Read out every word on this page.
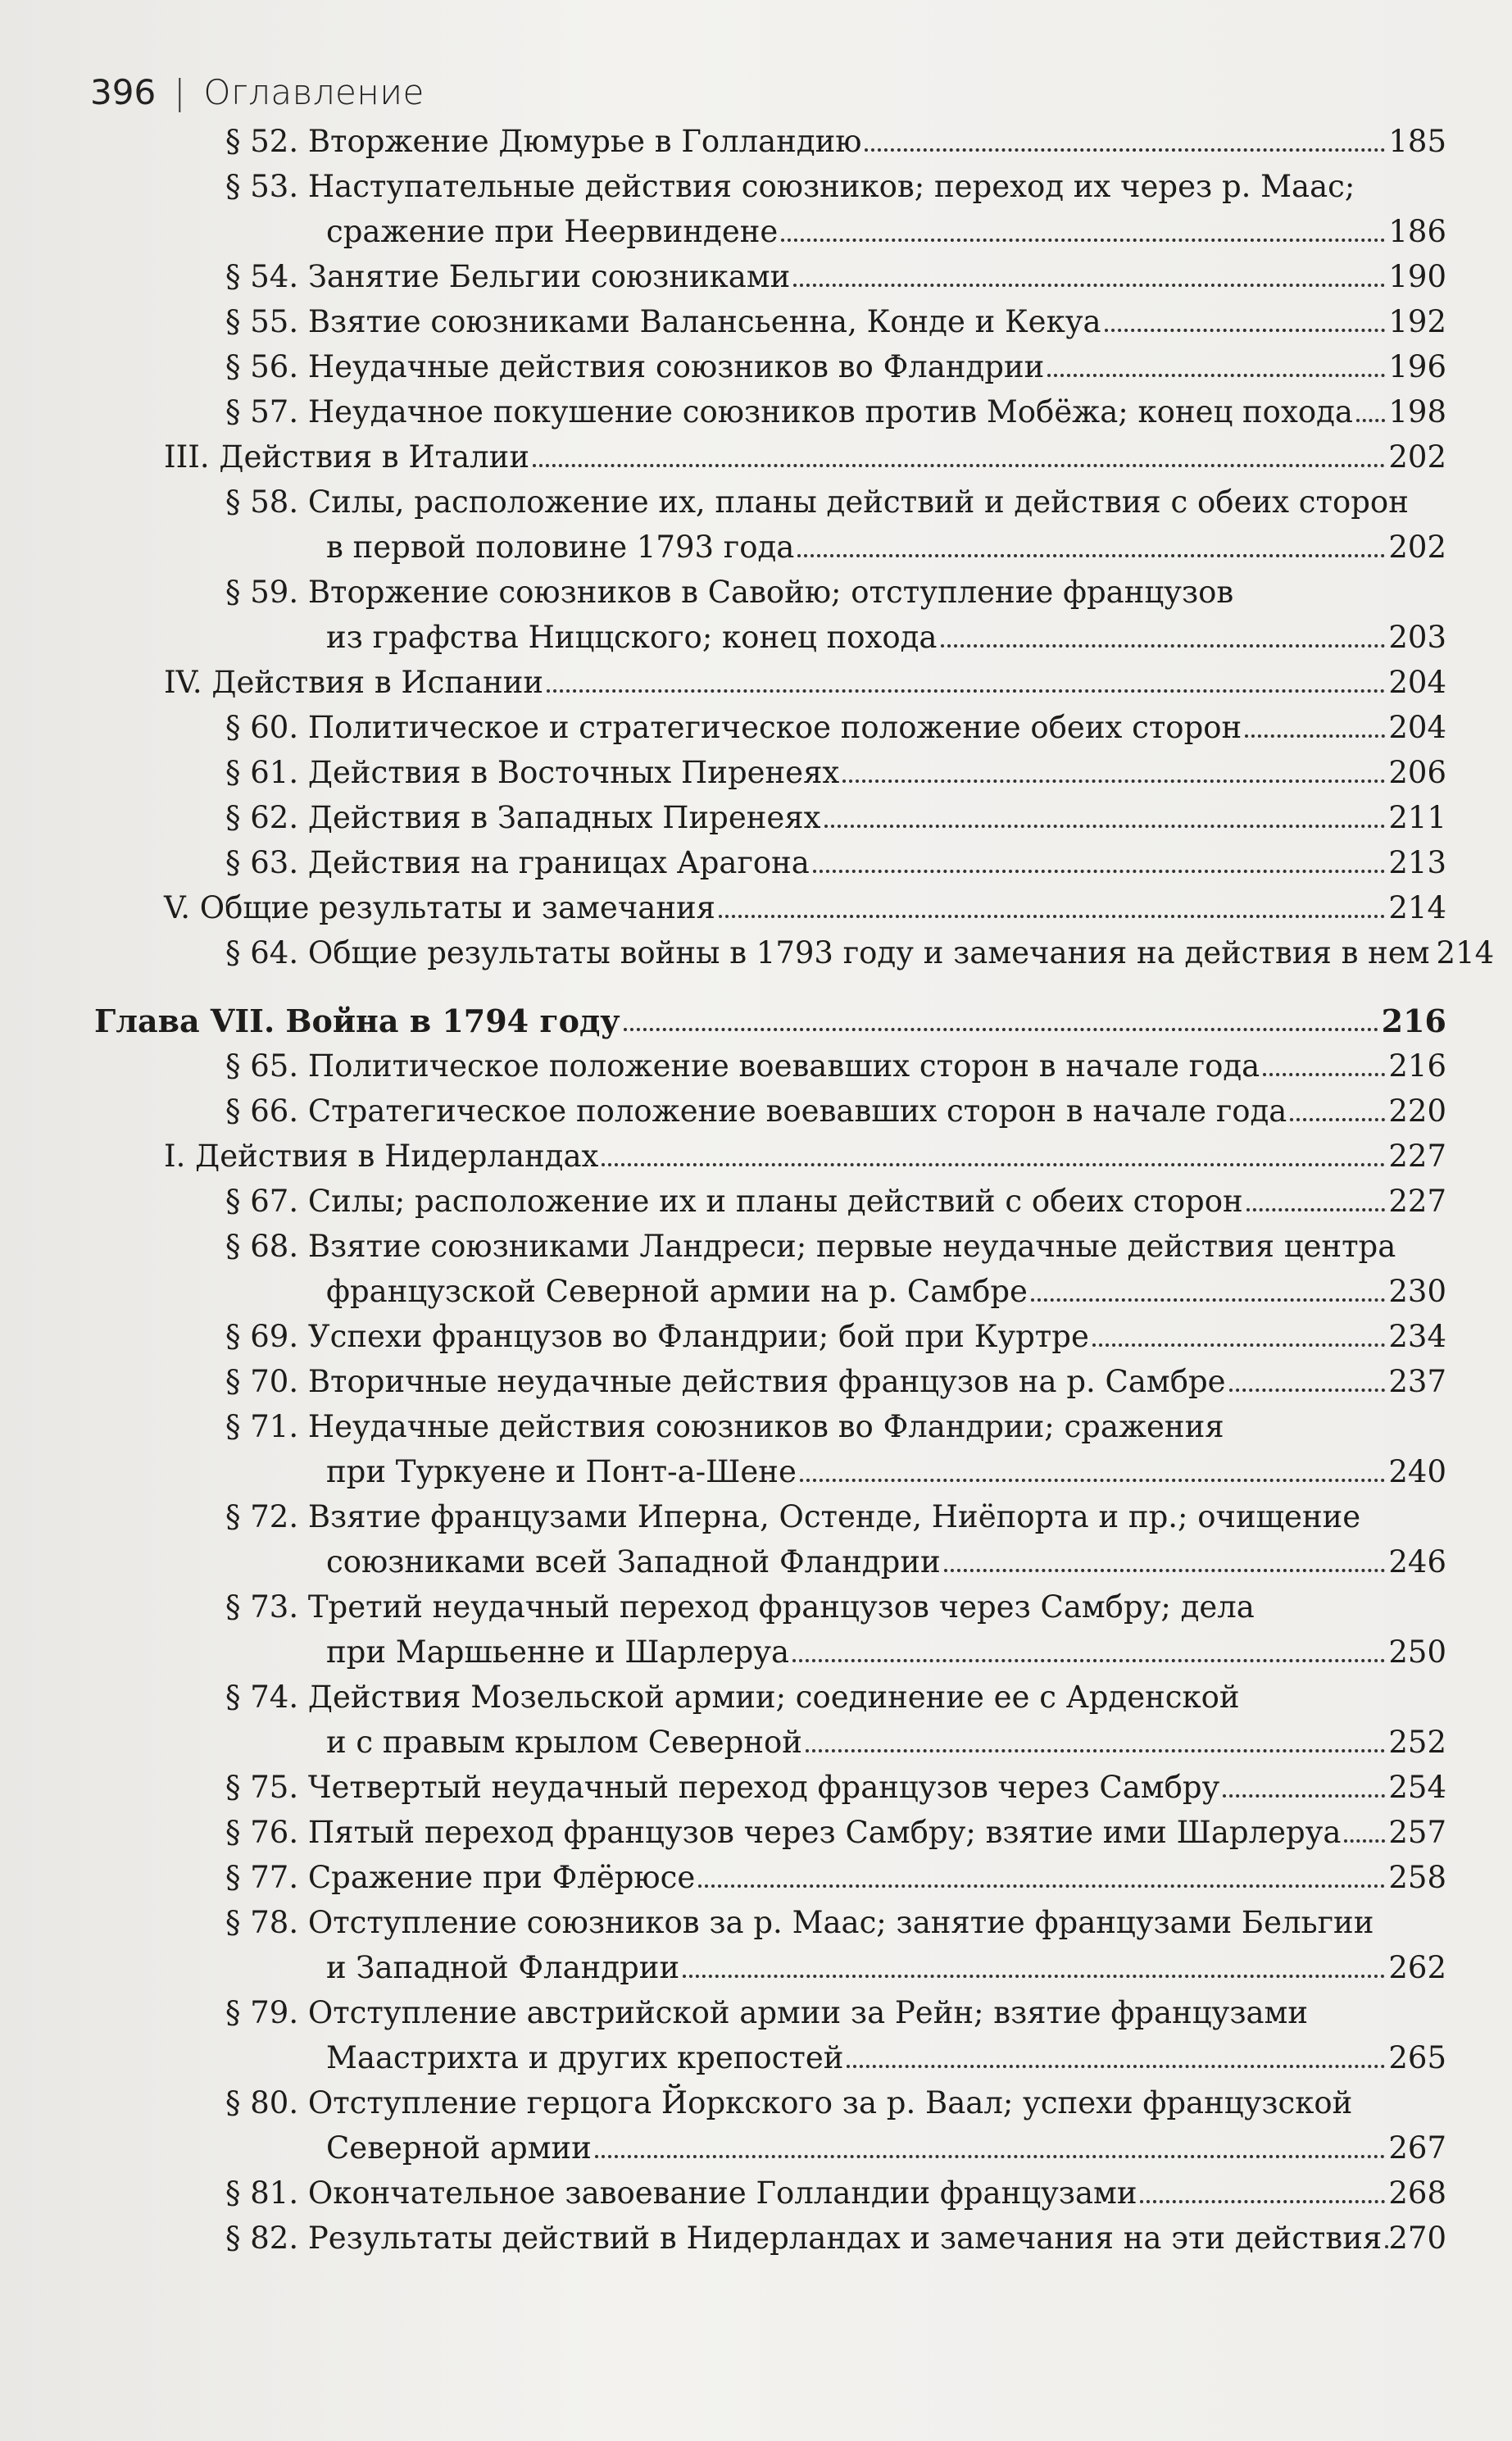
396 | Оглавление
§ 52. Вторжение Дюмурье в Голландию	185
§ 53. Наступательные действия союзников; переход их через р. Маас;
сражение при Неервиндене	186
§ 54. Занятие Бельгии союзниками	190
§ 55. Взятие союзниками Валансьенна, Конде и Кекуа	192
§ 56. Неудачные действия союзников во Фландрии	196
§ 57. Неудачное покушение союзников против Мобёжа; конец похода 198
III. Действия в Италии	202
§ 58. Силы, расположение их, планы действий и действия с обеих сторон
в первой половине 1793 года	202
§ 59. Вторжение союзников в Савойю; отступление французов
из графства Ниццского; конец похода	203
IV. Действия в Испании	204
§ 60. Политическое и стратегическое положение обеих сторон	204
§ 61. Действия в Восточных Пиренеях	206
§ 62. Действия в Западных Пиренеях	211
§ 63. Действия на границах Арагона	213
V. Общие результаты и замечания	214
§ 64. Общие результаты войны в 1793 году и замечания на действия в нем 214
Глава VII. Война в 1794 году	216
§ 65. Политическое положение воевавших сторон в начале года	216
§ 66. Стратегическое положение воевавших сторон в начале года	220
I. Действия в Нидерландах	227
§ 67. Силы; расположение их и планы действий с обеих сторон	227
§ 68. Взятие союзниками Ландреси; первые неудачные действия центра
французской Северной армии на р. Самбре	230
§ 69. Успехи французов во Фландрии; бой при Куртре	234
§ 70. Вторичные неудачные действия французов на р. Самбре	237
§ 71. Неудачные действия союзников во Фландрии; сражения
при Туркуене и Понт-а-Шене	240
§ 72. Взятие французами Иперна, Остенде, Ниёпорта и пр.; очищение
союзниками всей Западной Фландрии	246
§ 73. Третий неудачный переход французов через Самбру; дела
при Маршьенне и Шарлеруа	250
§ 74. Действия Мозельской армии; соединение ее с Арденской
и с правым крылом Северной	252
§ 75. Четвертый неудачный переход французов через Самбру	254
§ 76. Пятый переход французов через Самбру; взятие ими Шарлеруа 257
§ 77. Сражение при Флёрюсе	258
§ 78. Отступление союзников за р. Маас; занятие французами Бельгии
и Западной Фландрии	262
§ 79. Отступление австрийской армии за Рейн; взятие французами
Маастрихта и других крепостей	265
§ 80. Отступление герцога Йоркского за р. Ваал; успехи французской
Северной армии	267
§ 81. Окончательное завоевание Голландии французами	268
§ 82. Результаты действий в Нидерландах и замечания на эти действия 270
